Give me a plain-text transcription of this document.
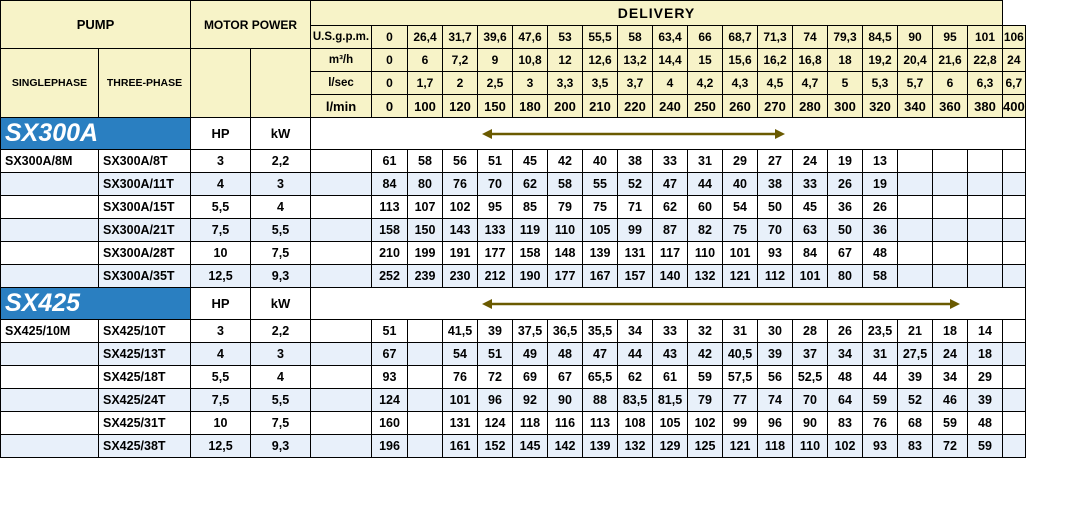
PUMP		MOTOR POWER		DELIVERY																			
				U.S.g.p.m.	0	26,4	31,7	39,6	47,6	53	55,5	58	63,4	66	68,7	71,3	74	79,3	84,5	90	95	101	106
SINGLEPHASE	THREE-PHASE			m³/h	0	6	7,2	9	10,8	12	12,6	13,2	14,4	15	15,6	16,2	16,8	18	19,2	20,4	21,6	22,8	24
				l/sec	0	1,7	2	2,5	3	3,3	3,5	3,7	4	4,2	4,3	4,5	4,7	5	5,3	5,7	6	6,3	6,7
				l/min	0	100	120	150	180	200	210	220	240	250	260	270	280	300	320	340	360	380	400
SX300A		HP	kW	

SX300A/8M	SX300A/8T	3	2,2		61	58	56	51	45	42	40	38	33	31	29	27	24	19	13				
	SX300A/11T	4	3		84	80	76	70	62	58	55	52	47	44	40	38	33	26	19				
	SX300A/15T	5,5	4		113	107	102	95	85	79	75	71	62	60	54	50	45	36	26				
	SX300A/21T	7,5	5,5		158	150	143	133	119	110	105	99	87	82	75	70	63	50	36				
	SX300A/28T	10	7,5		210	199	191	177	158	148	139	131	117	110	101	93	84	67	48				
	SX300A/35T	12,5	9,3		252	239	230	212	190	177	167	157	140	132	121	112	101	80	58				
SX425		HP	kW	

SX425/10M	SX425/10T	3	2,2		51		41,5	39	37,5	36,5	35,5	34	33	32	31	30	28	26	23,5	21	18	14	
	SX425/13T	4	3		67		54	51	49	48	47	44	43	42	40,5	39	37	34	31	27,5	24	18	
	SX425/18T	5,5	4		93		76	72	69	67	65,5	62	61	59	57,5	56	52,5	48	44	39	34	29	
	SX425/24T	7,5	5,5		124		101	96	92	90	88	83,5	81,5	79	77	74	70	64	59	52	46	39	
	SX425/31T	10	7,5		160		131	124	118	116	113	108	105	102	99	96	90	83	76	68	59	48	
	SX425/38T	12,5	9,3		196		161	152	145	142	139	132	129	125	121	118	110	102	93	83	72	59	
